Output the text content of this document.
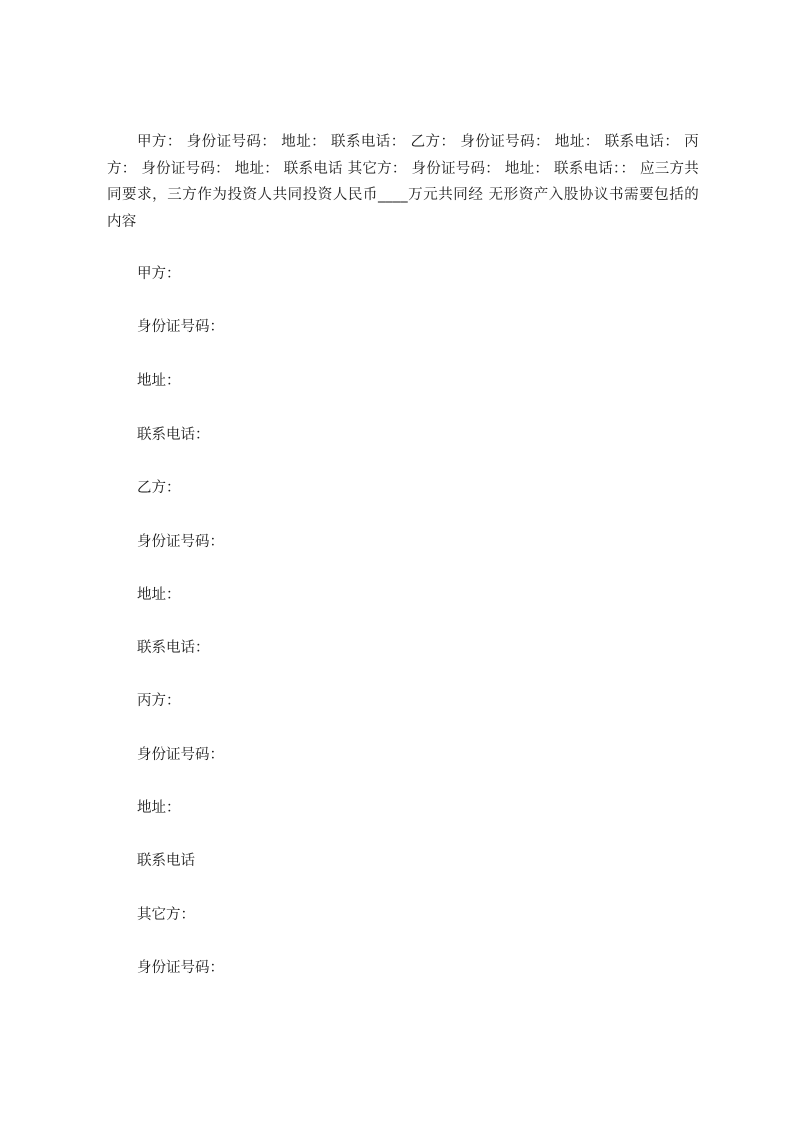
甲方： 身份证号码： 地址： 联系电话： 乙方： 身份证号码： 地址： 联系电话： 丙方： 身份证号码： 地址： 联系电话 其它方： 身份证号码： 地址： 联系电话：： 应三方共同要求，三方作为投资人共同投资人民币____万元共同经 无形资产入股协议书需要包括的内容

甲方：

身份证号码：

地址：

联系电话：

乙方：

身份证号码：

地址：

联系电话：

丙方：

身份证号码：

地址：

联系电话

其它方：

身份证号码：
